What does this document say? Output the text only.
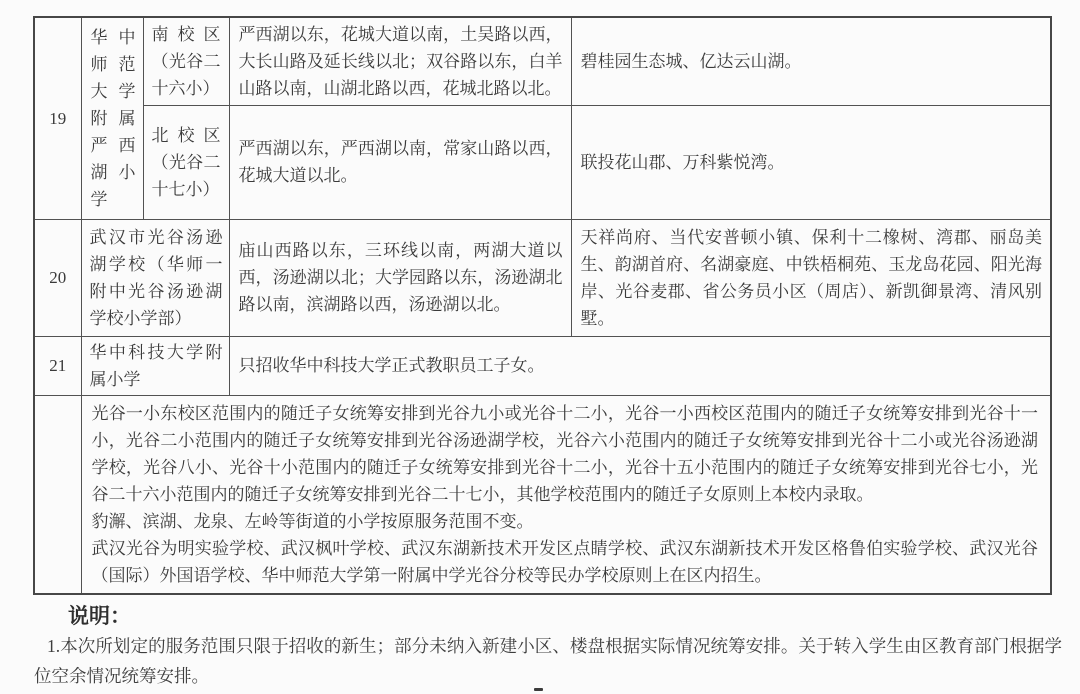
19	华中师范大学附属严西湖小学	南校区（光谷二十六小）	严西湖以东，花城大道以南，土吴路以西，大长山路及延长线以北；双谷路以东，白羊山路以南，山湖北路以西，花城北路以北。	碧桂园生态城、亿达云山湖。
		北校区（光谷二十七小）	严西湖以东，严西湖以南，常家山路以西，花城大道以北。	联投花山郡、万科紫悦湾。
20	武汉市光谷汤逊湖学校（华师一附中光谷汤逊湖学校小学部）		庙山西路以东，三环线以南，两湖大道以西，汤逊湖以北；大学园路以东，汤逊湖北路以南，滨湖路以西，汤逊湖以北。	天祥尚府、当代安普顿小镇、保利十二橡树、湾郡、丽岛美生、韵湖首府、名湖豪庭、中铁梧桐苑、玉龙岛花园、阳光海岸、光谷麦郡、省公务员小区（周店）、新凯御景湾、清风别墅。
21	华中科技大学附属小学		只招收华中科技大学正式教职员工子女。	

	光谷一小东校区范围内的随迁子女统筹安排到光谷九小或光谷十二小，光谷一小西校区范围内的随迁子女统筹安排到光谷十一小，光谷二小范围内的随迁子女统筹安排到光谷汤逊湖学校，光谷六小范围内的随迁子女统筹安排到光谷十二小或光谷汤逊湖学校，光谷八小、光谷十小范围内的随迁子女统筹安排到光谷十二小，光谷十五小范围内的随迁子女统筹安排到光谷七小，光谷二十六小范围内的随迁子女统筹安排到光谷二十七小，其他学校范围内的随迁子女原则上本校内录取。

豹澥、滨湖、龙泉、左岭等街道的小学按原服务范围不变。

武汉光谷为明实验学校、武汉枫叶学校、武汉东湖新技术开发区点睛学校、武汉东湖新技术开发区格鲁伯实验学校、武汉光谷（国际）外国语学校、华中师范大学第一附属中学光谷分校等民办学校原则上在区内招生。			

说明：
1.本次所划定的服务范围只限于招收的新生；部分未纳入新建小区、楼盘根据实际情况统筹安排。关于转入学生由区教育部门根据学位空余情况统筹安排。
